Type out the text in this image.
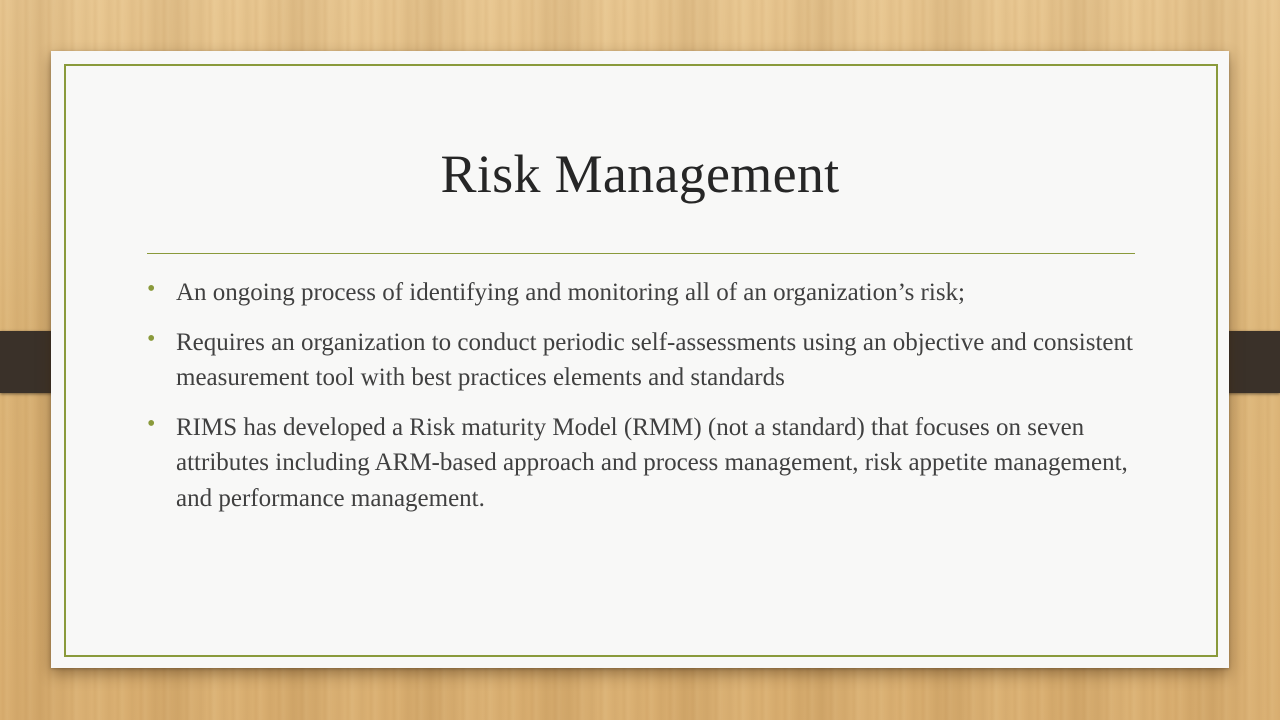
Risk Management
• An ongoing process of identifying and monitoring all of an organization’s risk;
• Requires an organization to conduct periodic self-assessments using an objective and consistent measurement tool with best practices elements and standards
• RIMS has developed a Risk maturity Model (RMM) (not a standard) that focuses on seven attributes including ARM-based approach and process management, risk appetite management, and performance management.
